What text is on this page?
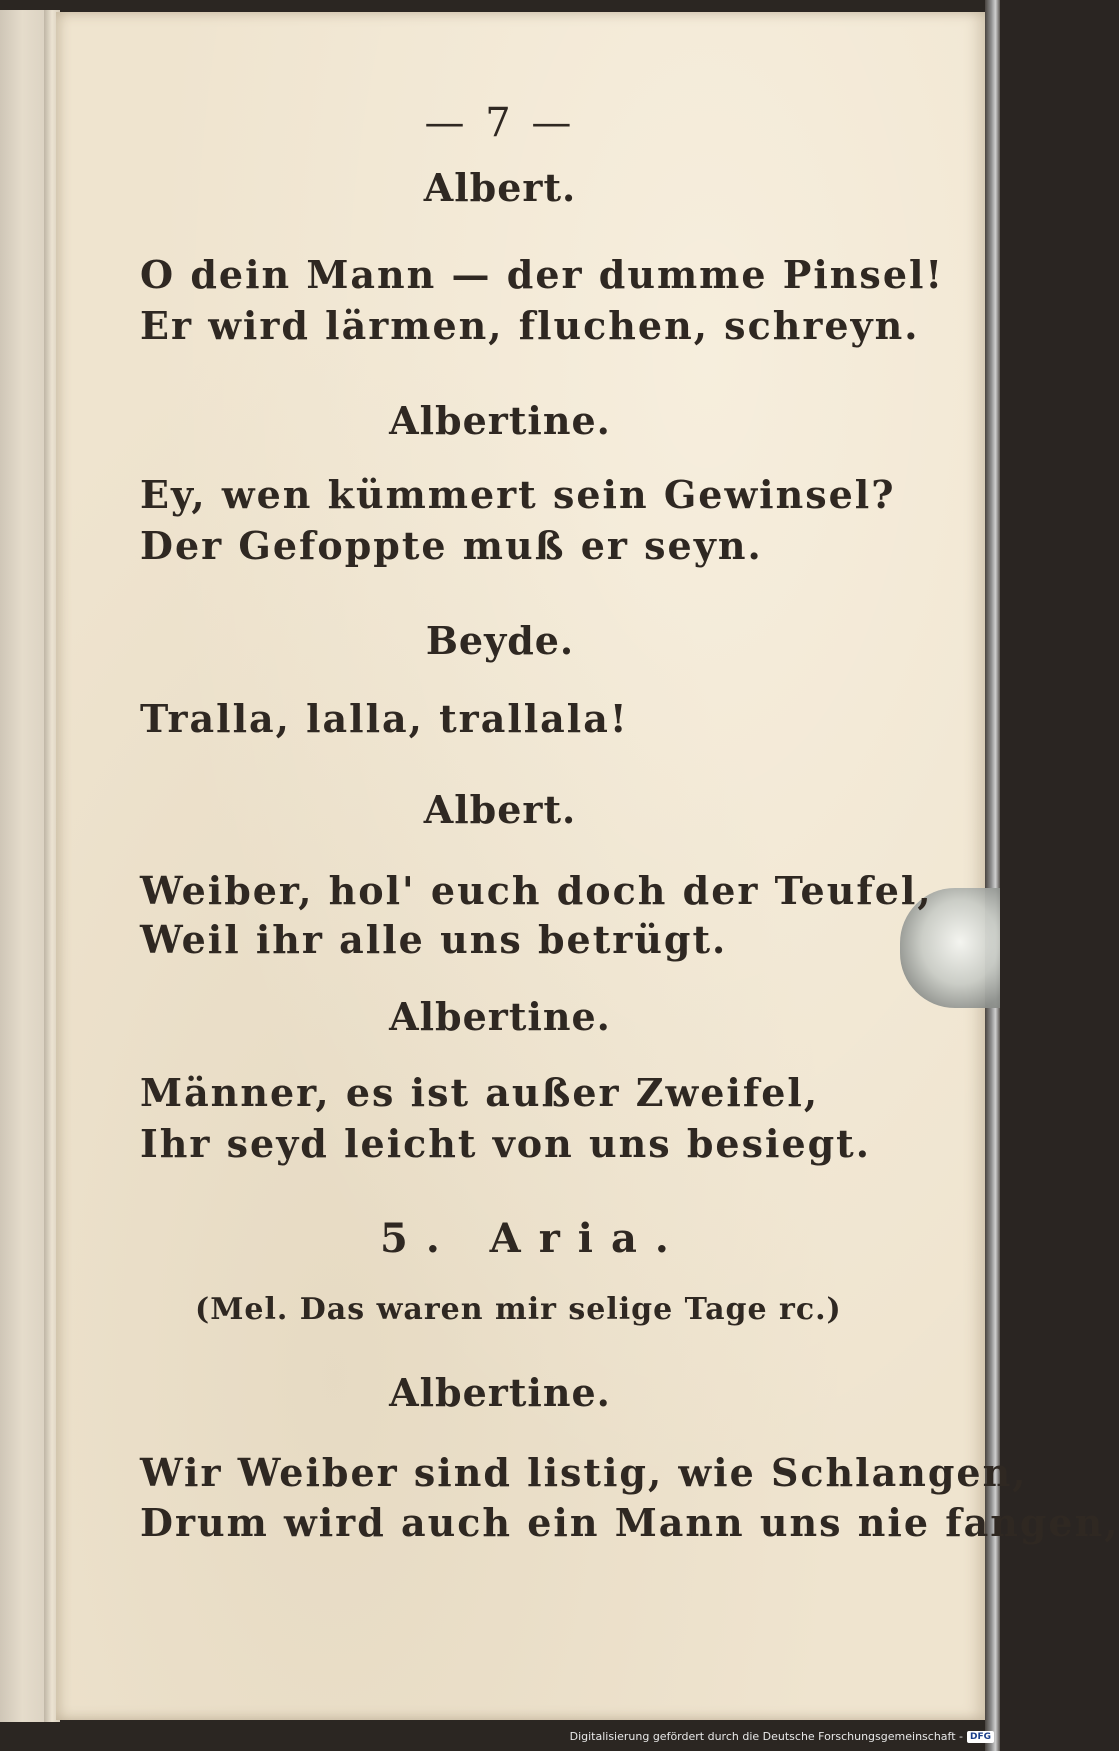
— 7 —
Albert.
O dein Mann — der dumme Pinsel!
Er wird lärmen, fluchen, schreyn.
Albertine.
Ey, wen kümmert sein Gewinsel?
Der Gefoppte muß er seyn.
Beyde.
Tralla, lalla, trallala!
Albert.
Weiber, hol' euch doch der Teufel,
Weil ihr alle uns betrügt.
Albertine.
Männer, es ist außer Zweifel,
Ihr seyd leicht von uns besiegt.
5. Aria.
(Mel. Das waren mir selige Tage rc.)
Albertine.
Wir Weiber sind listig, wie Schlangen,
Drum wird auch ein Mann uns nie fangen,
Digitalisierung gefördert durch die Deutsche Forschungsgemeinschaft - DFG
